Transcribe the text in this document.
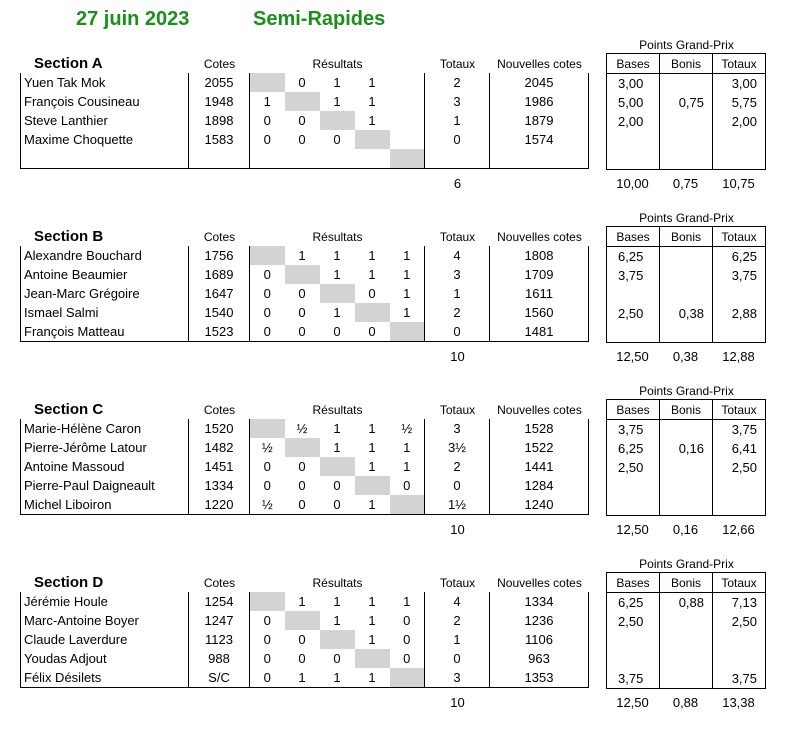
27 juin 2023	Semi-Rapides
Section A	Cotes	Résultats	Totaux	Nouvelles cotes
Points Grand-Prix
Yuen Tak Mok	2055		0	1	1		2	2045
François Cousineau	1948	1		1	1		3	1986
Steve Lanthier	1898	0	0		1		1	1879
Maxime Choquette	1583	0	0	0			0	1574

Bases	Bonis	Totaux
3,00		3,00
5,00	0,75	5,75
2,00		2,00

6	10,00	0,75	10,75
Section B	Cotes	Résultats	Totaux	Nouvelles cotes
Points Grand-Prix
Alexandre Bouchard	1756		1	1	1	1	4	1808
Antoine Beaumier	1689	0		1	1	1	3	1709
Jean-Marc Grégoire	1647	0	0		0	1	1	1611
Ismael Salmi	1540	0	0	1		1	2	1560
François Matteau	1523	0	0	0	0		0	1481
Bases	Bonis	Totaux
6,25		6,25
3,75		3,75

2,50	0,38	2,88

10	12,50	0,38	12,88
Section C	Cotes	Résultats	Totaux	Nouvelles cotes
Points Grand-Prix
Marie-Hélène Caron	1520		½	1	1	½	3	1528
Pierre-Jérôme Latour	1482	½		1	1	1	3½	1522
Antoine Massoud	1451	0	0		1	1	2	1441
Pierre-Paul Daigneault	1334	0	0	0		0	0	1284
Michel Liboiron	1220	½	0	0	1		1½	1240
Bases	Bonis	Totaux
3,75		3,75
6,25	0,16	6,41
2,50		2,50

10	12,50	0,16	12,66
Section D	Cotes	Résultats	Totaux	Nouvelles cotes
Points Grand-Prix
Jérémie Houle	1254		1	1	1	1	4	1334
Marc-Antoine Boyer	1247	0		1	1	0	2	1236
Claude Laverdure	1123	0	0		1	0	1	1106
Youdas Adjout	988	0	0	0		0	0	963
Félix Désilets	S/C	0	1	1	1		3	1353
Bases	Bonis	Totaux
6,25	0,88	7,13
2,50		2,50

3,75		3,75
10	12,50	0,88	13,38
